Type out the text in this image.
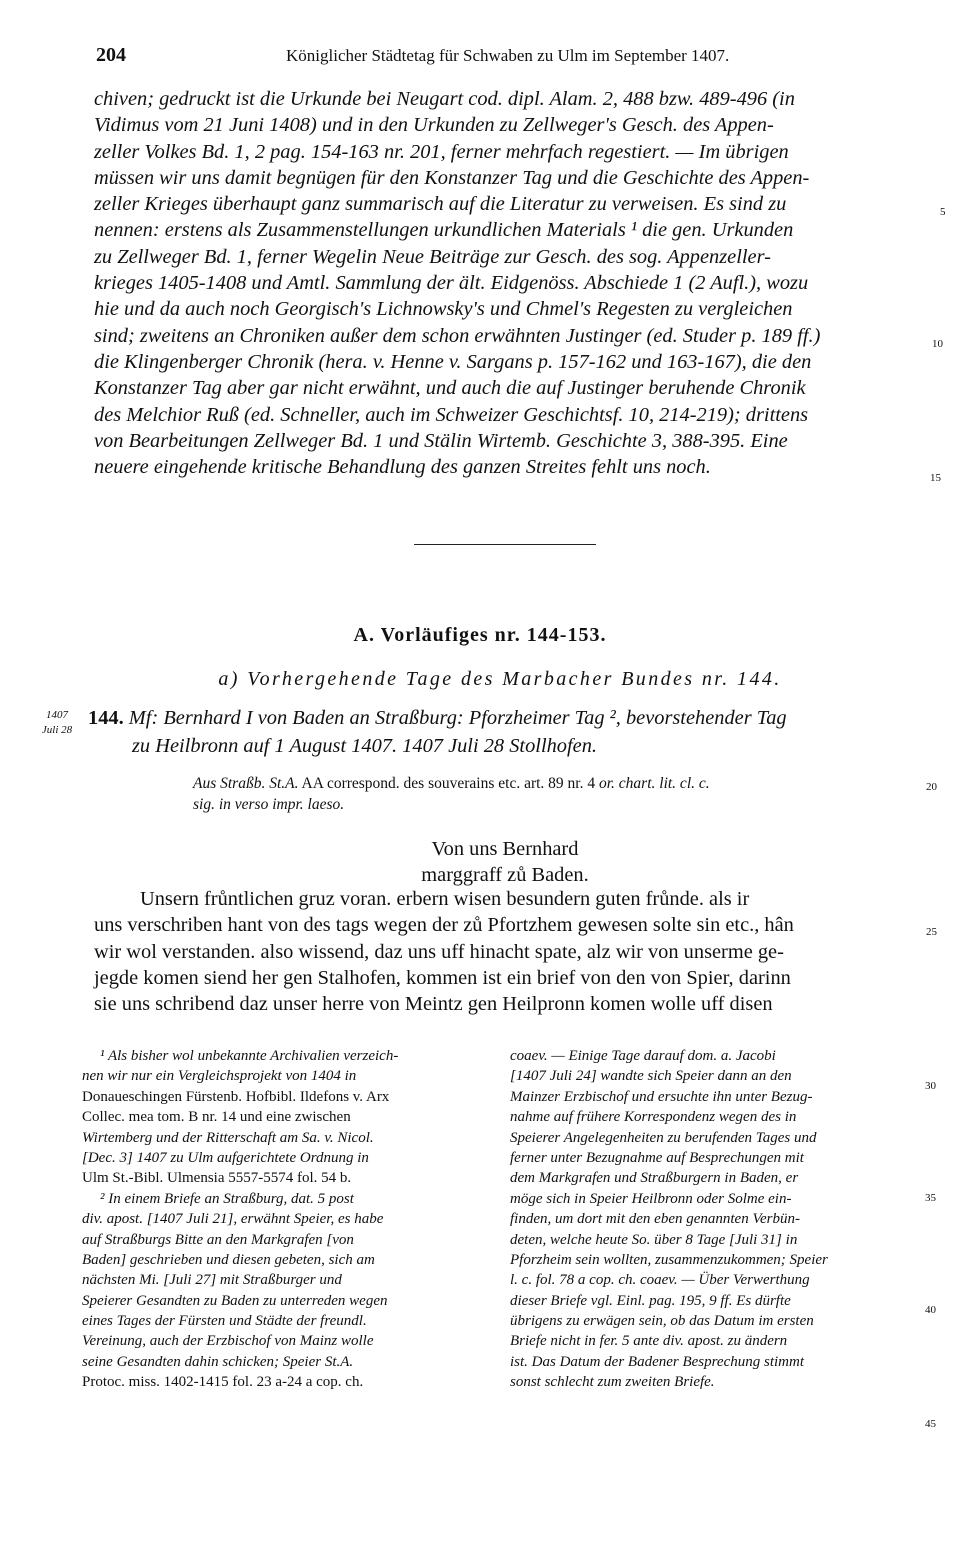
204	Königlicher Städtetag für Schwaben zu Ulm im September 1407.
chiven; gedruckt ist die Urkunde bei Neugart cod. dipl. Alam. 2, 488 bzw. 489-496 (in
Vidimus vom 21 Juni 1408) und in den Urkunden zu Zellweger's Gesch. des Appen-
zeller Volkes Bd. 1, 2 pag. 154-163 nr. 201, ferner mehrfach regestiert. — Im übrigen
müssen wir uns damit begnügen für den Konstanzer Tag und die Geschichte des Appen-
zeller Krieges überhaupt ganz summarisch auf die Literatur zu verweisen. Es sind zu
nennen: erstens als Zusammenstellungen urkundlichen Materials ¹ die gen. Urkunden
zu Zellweger Bd. 1, ferner Wegelin Neue Beiträge zur Gesch. des sog. Appenzeller-
krieges 1405-1408 und Amtl. Sammlung der ält. Eidgenöss. Abschiede 1 (2 Aufl.), wozu
hie und da auch noch Georgisch's Lichnowsky's und Chmel's Regesten zu vergleichen
sind; zweitens an Chroniken außer dem schon erwähnten Justinger (ed. Studer p. 189 ff.)
die Klingenberger Chronik (hera. v. Henne v. Sargans p. 157-162 und 163-167), die den
Konstanzer Tag aber gar nicht erwähnt, und auch die auf Justinger beruhende Chronik
des Melchior Ruß (ed. Schneller, auch im Schweizer Geschichtsf. 10, 214-219); drittens
von Bearbeitungen Zellweger Bd. 1 und Stälin Wirtemb. Geschichte 3, 388-395. Eine
neuere eingehende kritische Behandlung des ganzen Streites fehlt uns noch.
5
10
15
20
25
30
35
40
45
A. Vorläufiges nr. 144-153.
a) Vorhergehende Tage des Marbacher Bundes nr. 144.
1407
Juli 28
144. Mf: Bernhard I von Baden an Straßburg: Pforzheimer Tag ², bevorstehender Tag
zu Heilbronn auf 1 August 1407. 1407 Juli 28 Stollhofen.
Aus Straßb. St.A. AA correspond. des souverains etc. art. 89 nr. 4 or. chart. lit. cl. c.
sig. in verso impr. laeso.
Von uns Bernhard
marggraff zů Baden.
Unsern frůntlichen gruz voran. erbern wisen besundern guten frůnde. als ir
uns verschriben hant von des tags wegen der zů Pfortzhem gewesen solte sin etc., hân
wir wol verstanden. also wissend, daz uns uff hinacht spate, alz wir von unserme ge-
jegde komen siend her gen Stalhofen, kommen ist ein brief von den von Spier, darinn
sie uns schribend daz unser herre von Meintz gen Heilpronn komen wolle uff disen
¹ Als bisher wol unbekannte Archivalien verzeich-
nen wir nur ein Vergleichsprojekt von 1404 in
Donaueschingen Fürstenb. Hofbibl. Ildefons v. Arx
Collec. mea tom. B nr. 14 und eine zwischen
Wirtemberg und der Ritterschaft am Sa. v. Nicol.
[Dec. 3] 1407 zu Ulm aufgerichtete Ordnung in
Ulm St.-Bibl. Ulmensia 5557-5574 fol. 54 b.
² In einem Briefe an Straßburg, dat. 5 post
div. apost. [1407 Juli 21], erwähnt Speier, es habe
auf Straßburgs Bitte an den Markgrafen [von
Baden] geschrieben und diesen gebeten, sich am
nächsten Mi. [Juli 27] mit Straßburger und
Speierer Gesandten zu Baden zu unterreden wegen
eines Tages der Fürsten und Städte der freundl.
Vereinung, auch der Erzbischof von Mainz wolle
seine Gesandten dahin schicken; Speier St.A.
Protoc. miss. 1402-1415 fol. 23 a-24 a cop. ch.
coaev. — Einige Tage darauf dom. a. Jacobi
[1407 Juli 24] wandte sich Speier dann an den
Mainzer Erzbischof und ersuchte ihn unter Bezug-
nahme auf frühere Korrespondenz wegen des in
Speierer Angelegenheiten zu berufenden Tages und
ferner unter Bezugnahme auf Besprechungen mit
dem Markgrafen und Straßburgern in Baden, er
möge sich in Speier Heilbronn oder Solme ein-
finden, um dort mit den eben genannten Verbün-
deten, welche heute So. über 8 Tage [Juli 31] in
Pforzheim sein wollten, zusammenzukommen; Speier
l. c. fol. 78 a cop. ch. coaev. — Über Verwerthung
dieser Briefe vgl. Einl. pag. 195, 9 ff. Es dürfte
übrigens zu erwägen sein, ob das Datum im ersten
Briefe nicht in fer. 5 ante div. apost. zu ändern
ist. Das Datum der Badener Besprechung stimmt
sonst schlecht zum zweiten Briefe.
